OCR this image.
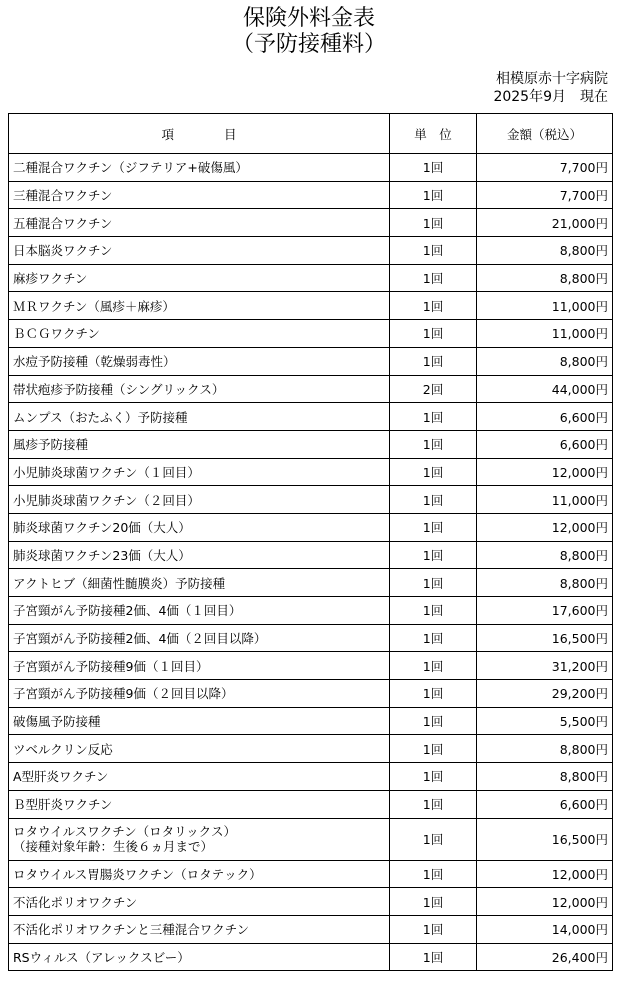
保険外料金表
（予防接種料）
相模原赤十字病院
2025年9月　現在
項　　　　目	単　位	金額（税込）
二種混合ワクチン（ジフテリア+破傷風）	1回	7,700円
三種混合ワクチン	1回	7,700円
五種混合ワクチン	1回	21,000円
日本脳炎ワクチン	1回	8,800円
麻疹ワクチン	1回	8,800円
ＭＲワクチン（風疹＋麻疹）	1回	11,000円
ＢＣＧワクチン	1回	11,000円
水痘予防接種（乾燥弱毒性）	1回	8,800円
帯状疱疹予防接種（シングリックス）	2回	44,000円
ムンプス（おたふく）予防接種	1回	6,600円
風疹予防接種	1回	6,600円
小児肺炎球菌ワクチン（１回目）	1回	12,000円
小児肺炎球菌ワクチン（２回目）	1回	11,000円
肺炎球菌ワクチン20価（大人）	1回	12,000円
肺炎球菌ワクチン23価（大人）	1回	8,800円
アクトヒブ（細菌性髄膜炎）予防接種	1回	8,800円
子宮頸がん予防接種2価、4価（１回目）	1回	17,600円
子宮頸がん予防接種2価、4価（２回目以降）	1回	16,500円
子宮頸がん予防接種9価（１回目）	1回	31,200円
子宮頸がん予防接種9価（２回目以降）	1回	29,200円
破傷風予防接種	1回	5,500円
ツベルクリン反応	1回	8,800円
A型肝炎ワクチン	1回	8,800円
Ｂ型肝炎ワクチン	1回	6,600円

ロタウイルスワクチン（ロタリックス）
（接種対象年齢：生後６ヵ月まで）	1回	16,500円
ロタウイルス胃腸炎ワクチン（ロタテック）	1回	12,000円
不活化ポリオワクチン	1回	12,000円
不活化ポリオワクチンと三種混合ワクチン	1回	14,000円
RSウィルス（アレックスビー）	1回	26,400円
